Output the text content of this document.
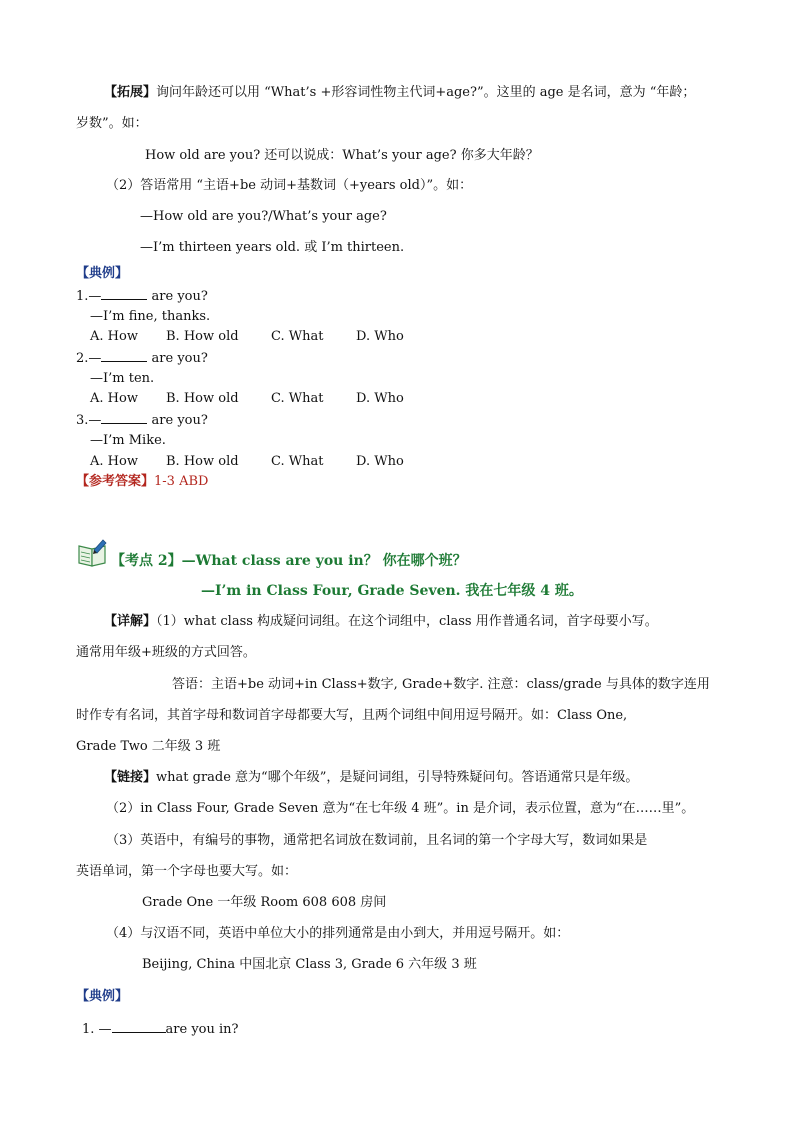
【拓展】询问年龄还可以用 “What’s +形容词性物主代词+age?”。这里的 age 是名词，意为 “年龄；
岁数”。如：
How old are you? 还可以说成：What’s your age? 你多大年龄？
（2）答语常用 “主语+be 动词+基数词（+years old）”。如：
—How old are you?/What’s your age?
—I’m thirteen years old. 或 I’m thirteen.
【典例】
1.—	are you?
—I’m fine, thanks.
A. How B. How old C. What	D. Who
2.—	are you?
—I’m ten.
A. How B. How old C. What	D. Who
3.—	are you?
—I’m Mike.
A. How B. How old C. What	D. Who
【参考答案】1-3 ABD
【考点 2】—What class are you in？ 你在哪个班？
—I’m in Class Four, Grade Seven. 我在七年级 4 班。
【详解】（1）what class 构成疑问词组。在这个词组中，class 用作普通名词，首字母要小写。
通常用年级+班级的方式回答。
答语：主语+be 动词+in Class+数字, Grade+数字. 注意：class/grade 与具体的数字连用
时作专有名词，其首字母和数词首字母都要大写，且两个词组中间用逗号隔开。如：Class One,
Grade Two 二年级 3 班
【链接】what grade 意为“哪个年级”，是疑问词组，引导特殊疑问句。答语通常只是年级。
（2）in Class Four, Grade Seven 意为“在七年级 4 班”。in 是介词，表示位置，意为“在……里”。
（3）英语中，有编号的事物，通常把名词放在数词前，且名词的第一个字母大写，数词如果是
英语单词，第一个字母也要大写。如：
Grade One 一年级 Room 608 608 房间
（4）与汉语不同，英语中单位大小的排列通常是由小到大，并用逗号隔开。如：
Beijing, China 中国北京 Class 3, Grade 6 六年级 3 班
【典例】
1. —	are you in?
